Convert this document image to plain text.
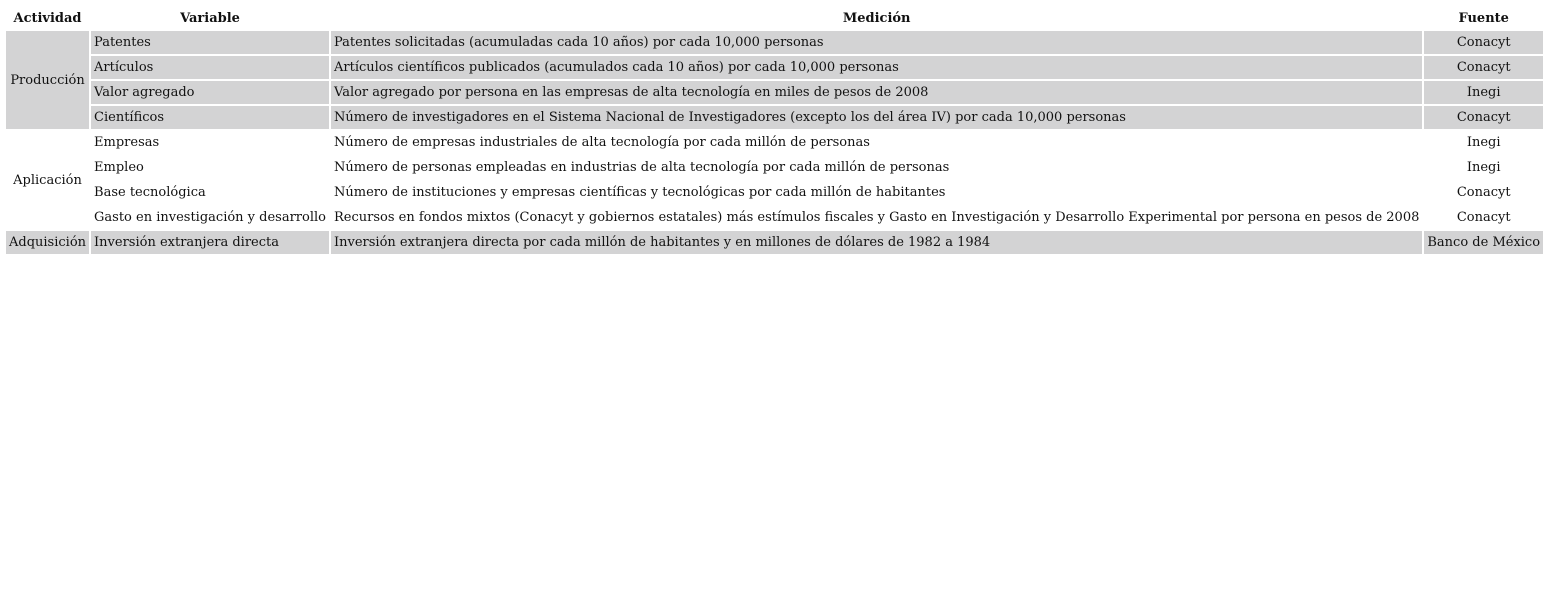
Actividad	Variable	Medición	Fuente
Producción	Patentes	Patentes solicitadas (acumuladas cada 10 años) por cada 10,000 personas	Conacyt
	Artículos	Artículos científicos publicados (acumulados cada 10 años) por cada 10,000 personas	Conacyt
	Valor agregado	Valor agregado por persona en las empresas de alta tecnología en miles de pesos de 2008	Inegi
	Científicos	Número de investigadores en el Sistema Nacional de Investigadores (excepto los del área IV) por cada 10,000 personas	Conacyt
Aplicación	Empresas	Número de empresas industriales de alta tecnología por cada millón de personas	Inegi
	Empleo	Número de personas empleadas en industrias de alta tecnología por cada millón de personas	Inegi
	Base tecnológica	Número de instituciones y empresas científicas y tecnológicas por cada millón de habitantes	Conacyt
	Gasto en investigación y desarrollo	Recursos en fondos mixtos (Conacyt y gobiernos estatales) más estímulos fiscales y Gasto en Investigación y Desarrollo Experimental por persona en pesos de 2008	Conacyt
Adquisición	Inversión extranjera directa	Inversión extranjera directa por cada millón de habitantes y en millones de dólares de 1982 a 1984	Banco de México
